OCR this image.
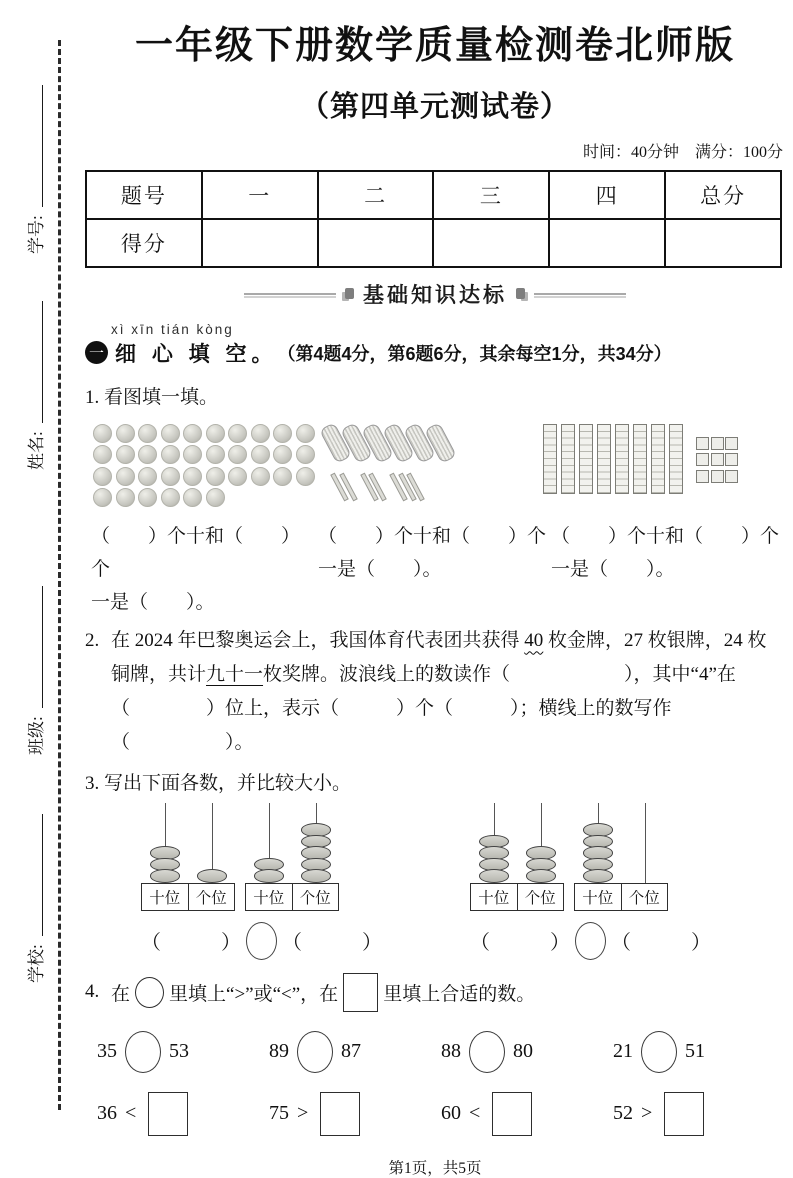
学号:
姓名:
班级:
学校:
一年级下册数学质量检测卷北师版
（第四单元测试卷）
时间：40分钟　满分：100分
题号	一	二	三	四	总分
得分					
基础知识达标
xì xīn tián kòng
一 细 心 填 空。 （第4题4分，第6题6分，其余每空1分，共34分）
1. 看图填一填。
（　　）个十和（　　）个
一是（　　）。
（　　）个十和（　　）个
一是（　　）。
（　　）个十和（　　）个
一是（　　）。
2. 在 2024 年巴黎奥运会上，我国体育代表团共获得 40 枚金牌，27 枚银牌，24 枚铜牌，共计九十一枚奖牌。波浪线上的数读作（　　　　　　），其中“4”在（　　　　）位上，表示（　　　）个（　　　）；横线上的数写作（　　　　　）。

3. 写出下面各数，并比较大小。
十位 个位	十位 个位
（　　　） （　　　）
十位 个位	十位 个位
（　　　） （　　　）
4. 在 里填上“>”或“<”，在 里填上合适的数。
35	53	89	87	88	80	21	51
36 <	75 >	60 <	52 >
第1页，共5页
